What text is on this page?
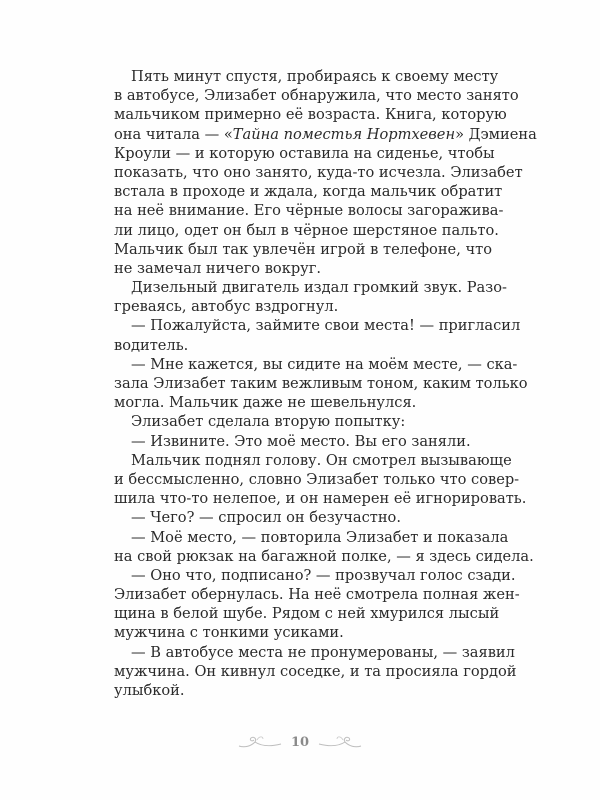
Пять минут спустя, пробираясь к своему месту
в автобусе, Элизабет обнаружила, что место занято
мальчиком примерно её возраста. Книга, которую
она читала — «Тайна поместья Нортхевен» Дэмиена
Кроули — и которую оставила на сиденье, чтобы
показать, что оно занято, куда-то исчезла. Элизабет
встала в проходе и ждала, когда мальчик обратит
на неё внимание. Его чёрные волосы загоражива-
ли лицо, одет он был в чёрное шерстяное пальто.
Мальчик был так увлечён игрой в телефоне, что
не замечал ничего вокруг.
Дизельный двигатель издал громкий звук. Разо-
греваясь, автобус вздрогнул.
— Пожалуйста, займите свои места! — пригласил
водитель.
— Мне кажется, вы сидите на моём месте, — ска-
зала Элизабет таким вежливым тоном, каким только
могла. Мальчик даже не шевельнулся.
Элизабет сделала вторую попытку:
— Извините. Это моё место. Вы его заняли.
Мальчик поднял голову. Он смотрел вызывающе
и бессмысленно, словно Элизабет только что совер-
шила что-то нелепое, и он намерен её игнорировать.
— Чего? — спросил он безучастно.
— Моё место, — повторила Элизабет и показала
на свой рюкзак на багажной полке, — я здесь сидела.
— Оно что, подписано? — прозвучал голос сзади.
Элизабет обернулась. На неё смотрела полная жен-
щина в белой шубе. Рядом с ней хмурился лысый
мужчина с тонкими усиками.
— В автобусе места не пронумерованы, — заявил
мужчина. Он кивнул соседке, и та просияла гордой
улыбкой.
10
